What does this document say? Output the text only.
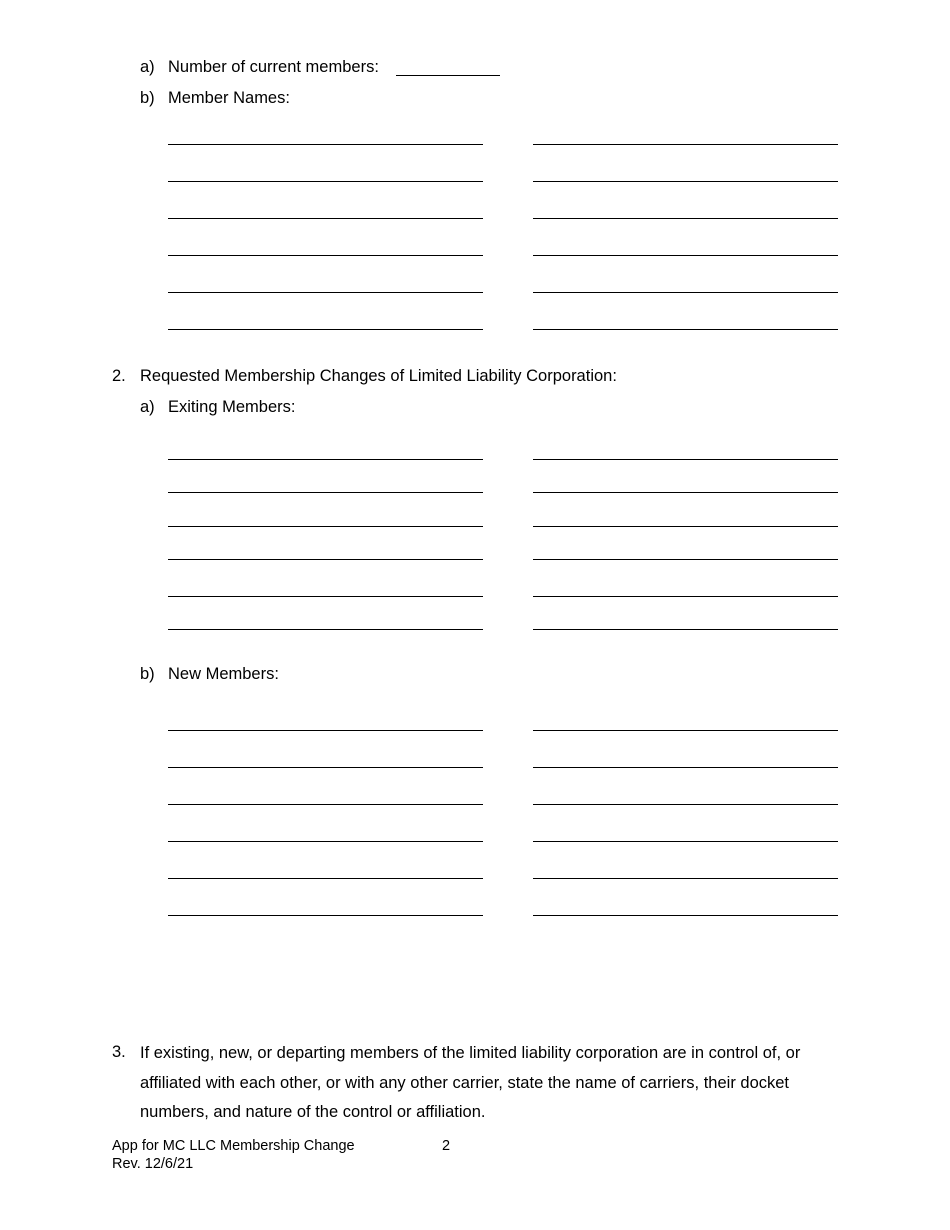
a) Number of current members:
b) Member Names:
2. Requested Membership Changes of Limited Liability Corporation:
a) Exiting Members:
b) New Members:
3. If existing, new, or departing members of the limited liability corporation are in control of, or affiliated with each other, or with any other carrier, state the name of carriers, their docket numbers, and nature of the control or affiliation.
App for MC LLC Membership Change	2
Rev. 12/6/21
